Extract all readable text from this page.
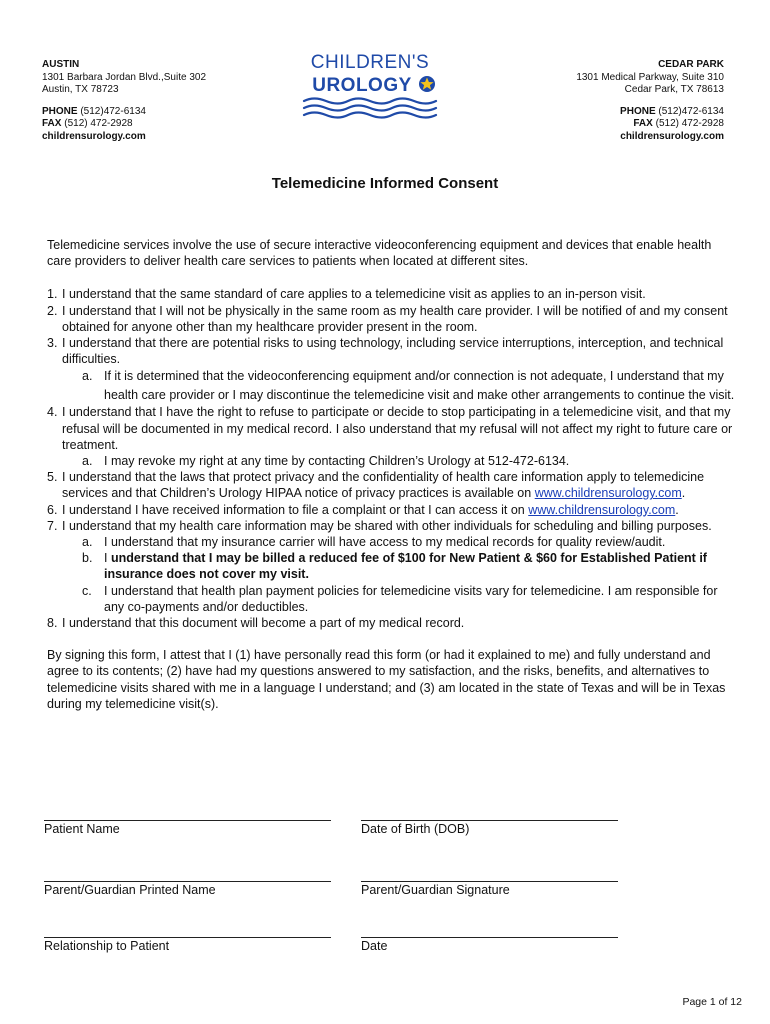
AUSTIN
1301 Barbara Jordan Blvd.,Suite 302
Austin, TX 78723
PHONE (512)472-6134
FAX (512) 472-2928
childrensurology.com
CHILDREN'S
UROLOGY
CEDAR PARK
1301 Medical Parkway, Suite 310
Cedar Park, TX 78613
PHONE (512)472-6134
FAX (512) 472-2928
childrensurology.com
Telemedicine Informed Consent

Telemedicine services involve the use of secure interactive videoconferencing equipment and devices that enable health care providers to deliver health care services to patients when located at different sites.

1. I understand that the same standard of care applies to a telemedicine visit as applies to an in-person visit.
2. I understand that I will not be physically in the same room as my health care provider. I will be notified of and my consent obtained for anyone other than my healthcare provider present in the room.
3. I understand that there are potential risks to using technology, including service interruptions, interception, and technical difficulties.
a. If it is determined that the videoconferencing equipment and/or connection is not adequate, I understand that my health care provider or I may discontinue the telemedicine visit and make other arrangements to continue the visit.
4. I understand that I have the right to refuse to participate or decide to stop participating in a telemedicine visit, and that my refusal will be documented in my medical record. I also understand that my refusal will not affect my right to future care or treatment.
a. I may revoke my right at any time by contacting Children’s Urology at 512-472-6134.
5. I understand that the laws that protect privacy and the confidentiality of health care information apply to telemedicine services and that Children’s Urology HIPAA notice of privacy practices is available on www.childrensurology.com.
6. I understand I have received information to file a complaint or that I can access it on www.childrensurology.com.
7. I understand that my health care information may be shared with other individuals for scheduling and billing purposes.
a. I understand that my insurance carrier will have access to my medical records for quality review/audit.
b. I understand that I may be billed a reduced fee of $100 for New Patient & $60 for Established Patient if insurance does not cover my visit.
c. I understand that health plan payment policies for telemedicine visits vary for telemedicine. I am responsible for any co-payments and/or deductibles.
8. I understand that this document will become a part of my medical record.

By signing this form, I attest that I (1) have personally read this form (or had it explained to me) and fully understand and agree to its contents; (2) have had my questions answered to my satisfaction, and the risks, benefits, and alternatives to telemedicine visits shared with me in a language I understand; and (3) am located in the state of Texas and will be in Texas during my telemedicine visit(s).

Patient Name	Date of Birth (DOB)
Parent/Guardian Printed Name	Parent/Guardian Signature
Relationship to Patient	Date
Page 1 of 12
